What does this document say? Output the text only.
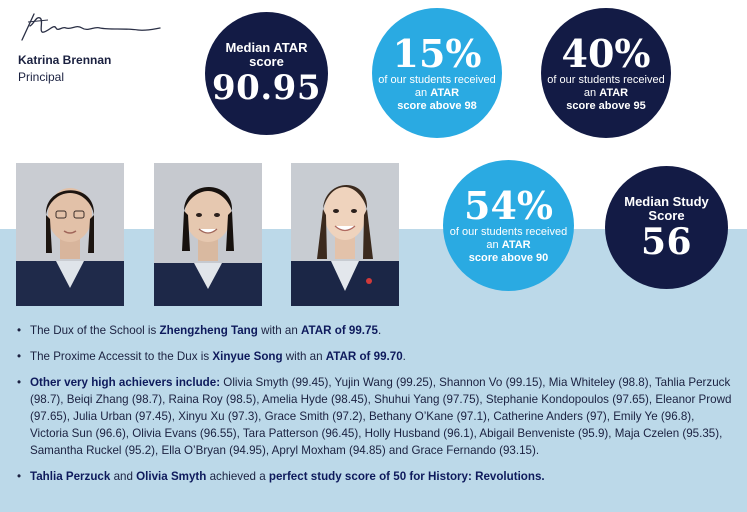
Katrina Brennan
Principal
Median ATAR score
90.95
15%
of our students received an ATAR
score above 98
40%
of our students received an ATAR
score above 95
54%
of our students received an ATAR
score above 90
Median Study Score
56
• The Dux of the School is Zhengzheng Tang with an ATAR of 99.75.
• The Proxime Accessit to the Dux is Xinyue Song with an ATAR of 99.70.
• Other very high achievers include: Olivia Smyth (99.45), Yujin Wang (99.25), Shannon Vo (99.15), Mia Whiteley (98.8), Tahlia Perzuck (98.7), Beiqi Zhang (98.7), Raina Roy (98.5), Amelia Hyde (98.45), Shuhui Yang (97.75), Stephanie Kondopoulos (97.65), Eleanor Prowd (97.65), Julia Urban (97.45), Xinyu Xu (97.3), Grace Smith (97.2), Bethany O’Kane (97.1), Catherine Anders (97), Emily Ye (96.8), Victoria Sun (96.6), Olivia Evans (96.55), Tara Patterson (96.45), Holly Husband (96.1), Abigail Benveniste (95.9), Maja Czelen (95.35), Samantha Ruckel (95.2), Ella O’Bryan (94.95), Apryl Moxham (94.85) and Grace Fernando (93.15).
• Tahlia Perzuck and Olivia Smyth achieved a perfect study score of 50 for History: Revolutions.
